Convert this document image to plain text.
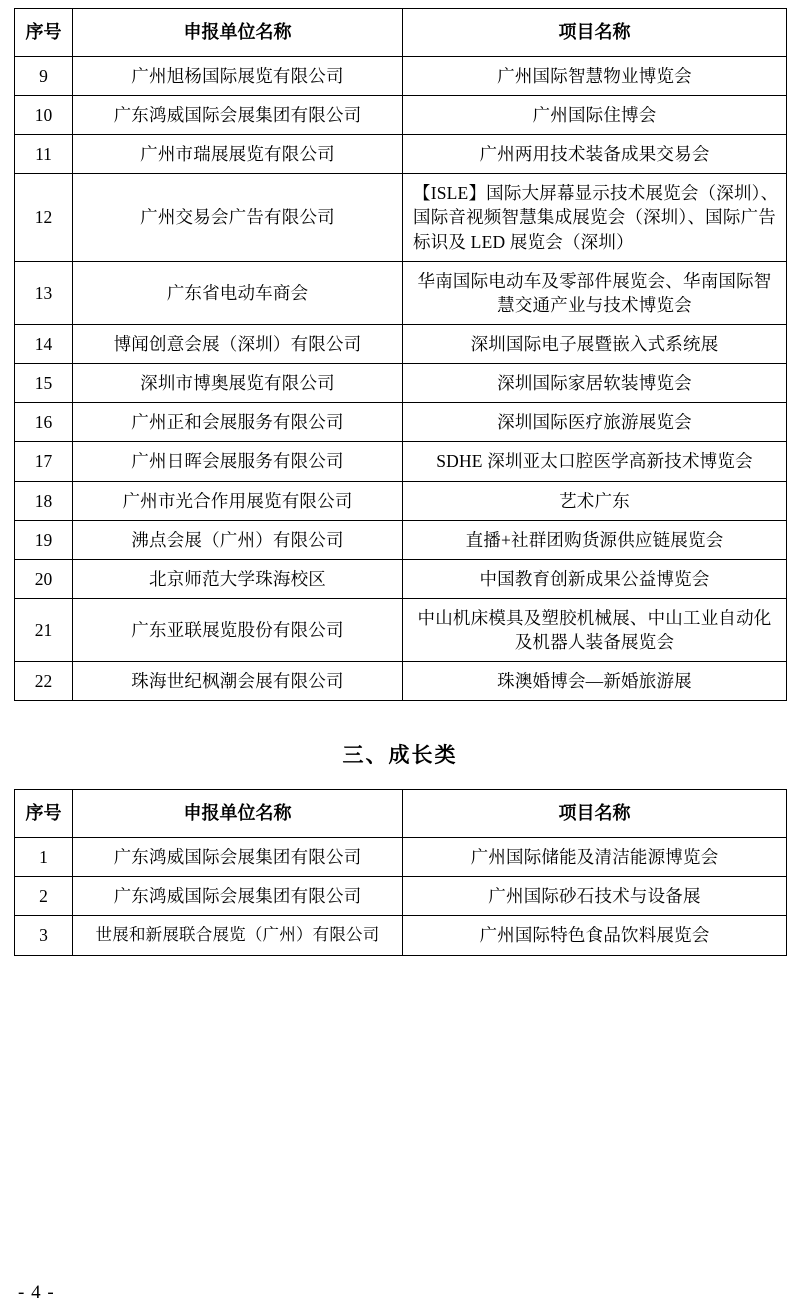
序号	申报单位名称	项目名称
9	广州旭杨国际展览有限公司	广州国际智慧物业博览会
10	广东鸿威国际会展集团有限公司	广州国际住博会
11	广州市瑞展展览有限公司	广州两用技术装备成果交易会
12	广州交易会广告有限公司	【ISLE】国际大屏幕显示技术展览会（深圳）、国际音视频智慧集成展览会（深圳）、国际广告标识及 LED 展览会（深圳）
13	广东省电动车商会	华南国际电动车及零部件展览会、华南国际智慧交通产业与技术博览会
14	博闻创意会展（深圳）有限公司	深圳国际电子展暨嵌入式系统展
15	深圳市博奥展览有限公司	深圳国际家居软装博览会
16	广州正和会展服务有限公司	深圳国际医疗旅游展览会
17	广州日晖会展服务有限公司	SDHE 深圳亚太口腔医学高新技术博览会
18	广州市光合作用展览有限公司	艺术广东
19	沸点会展（广州）有限公司	直播+社群团购货源供应链展览会
20	北京师范大学珠海校区	中国教育创新成果公益博览会
21	广东亚联展览股份有限公司	中山机床模具及塑胶机械展、中山工业自动化及机器人装备展览会
22	珠海世纪枫潮会展有限公司	珠澳婚博会—新婚旅游展
三、成长类
序号	申报单位名称	项目名称
1	广东鸿威国际会展集团有限公司	广州国际储能及清洁能源博览会
2	广东鸿威国际会展集团有限公司	广州国际砂石技术与设备展
3	世展和新展联合展览（广州）有限公司	广州国际特色食品饮料展览会
- 4 -
